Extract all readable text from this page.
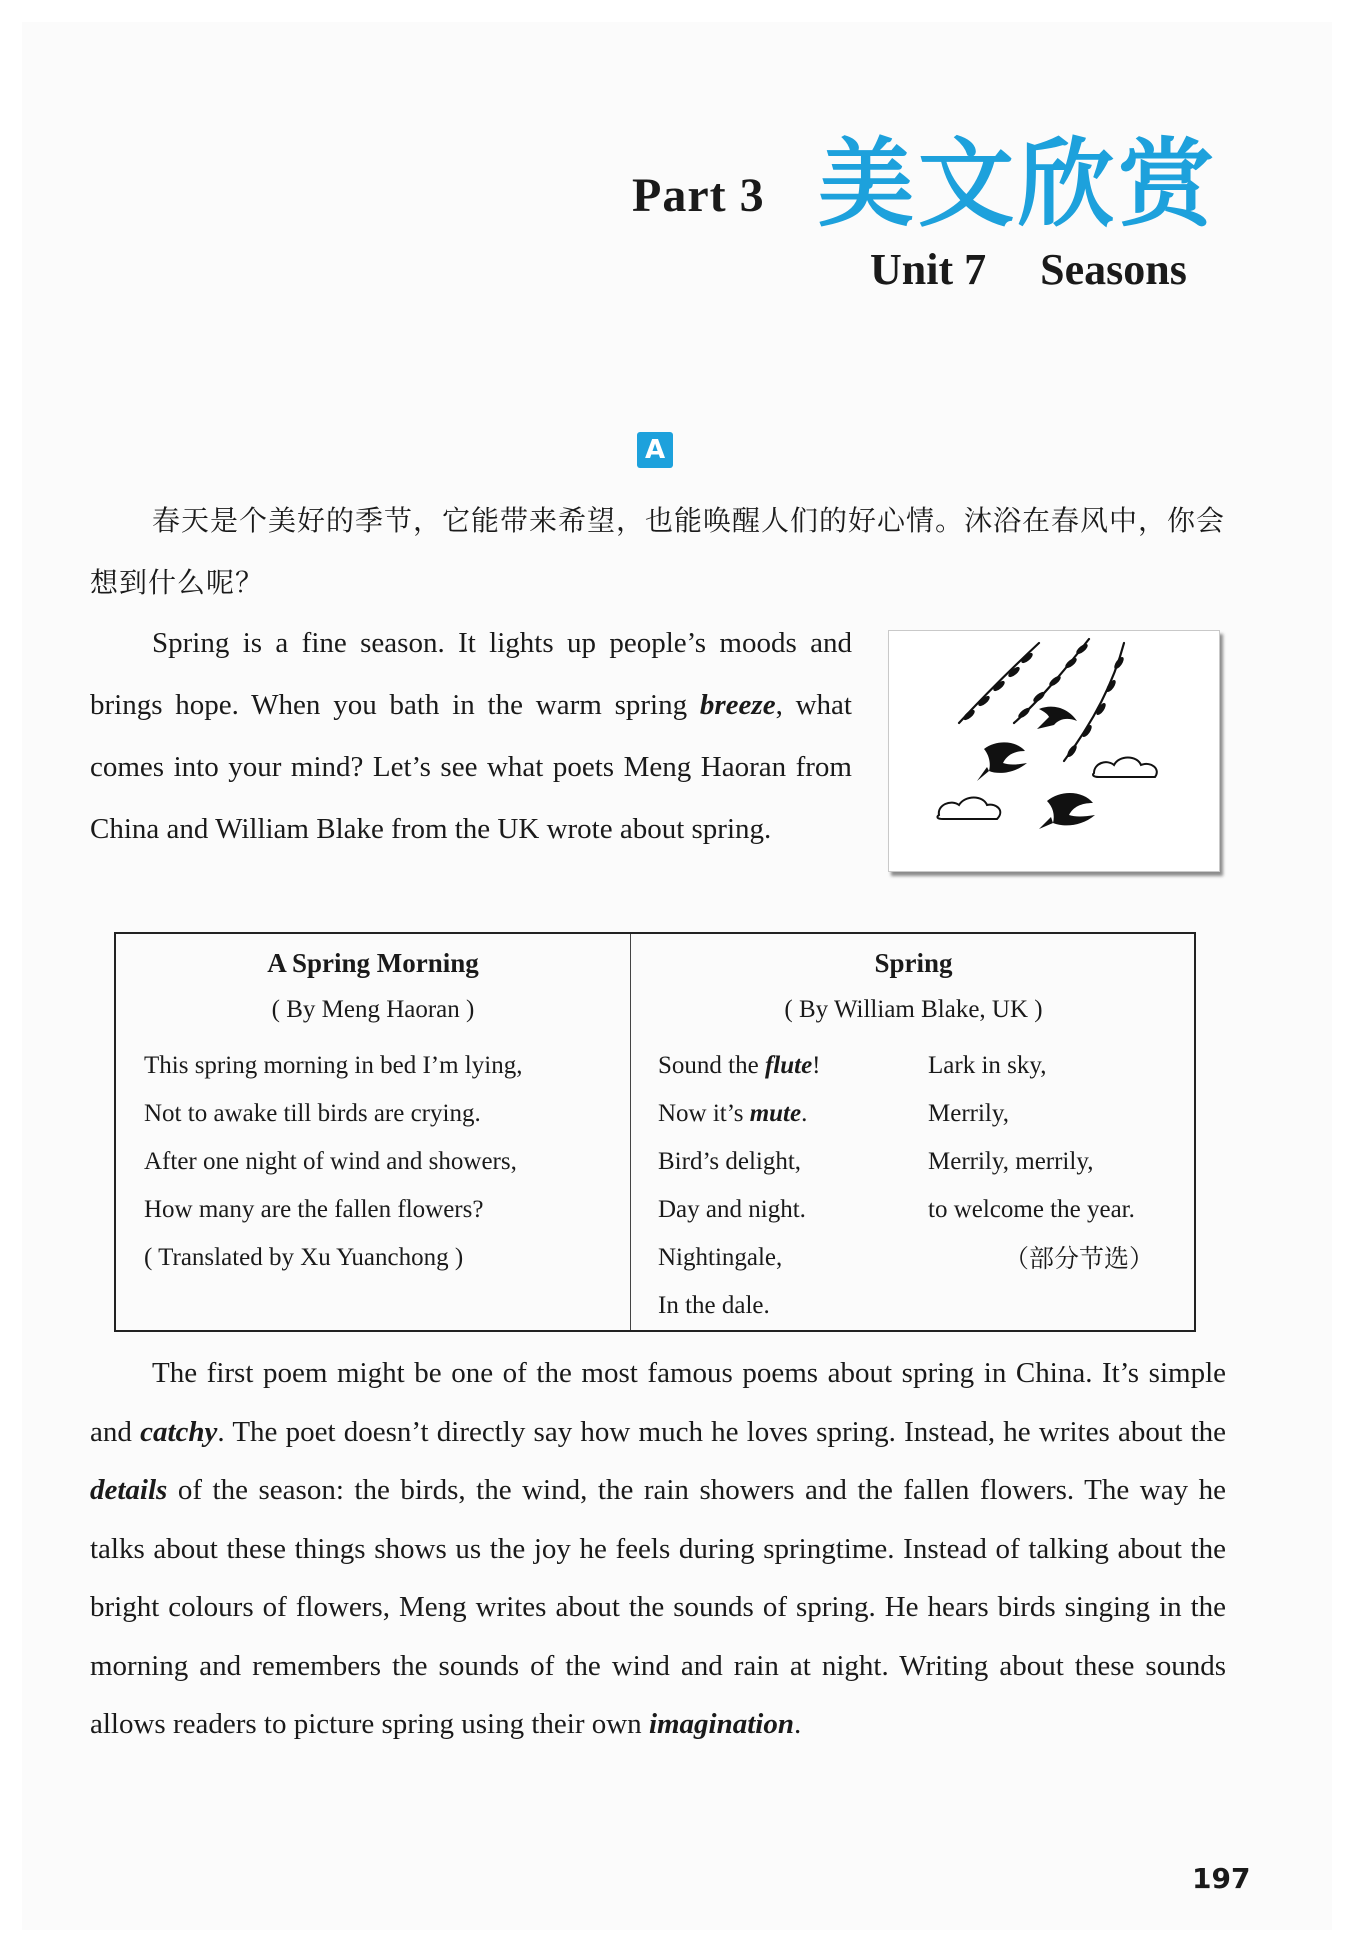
Part 3 美文欣赏
Unit 7 Seasons
A

春天是个美好的季节，它能带来希望，也能唤醒人们的好心情。沐浴在春风中，你会想到什么呢？

Spring is a fine season. It lights up people’s moods and brings hope. When you bath in the warm spring breeze, what comes into your mind? Let’s see what poets Meng Haoran from China and William Blake from the UK wrote about spring.

A Spring Morning
( By Meng Haoran )
This spring morning in bed I’m lying,
Not to awake till birds are crying.
After one night of wind and showers,
How many are the fallen flowers?
( Translated by Xu Yuanchong )
Spring
( By William Blake, UK )
Sound the flute!
Now it’s mute.
Bird’s delight,
Day and night.
Nightingale,
In the dale.
Lark in sky,
Merrily,
Merrily, merrily,
to welcome the year.
（部分节选）

The first poem might be one of the most famous poems about spring in China. It’s simple and catchy. The poet doesn’t directly say how much he loves spring. Instead, he writes about the details of the season: the birds, the wind, the rain showers and the fallen flowers. The way he talks about these things shows us the joy he feels during springtime. Instead of talking about the bright colours of flowers, Meng writes about the sounds of spring. He hears birds singing in the morning and remembers the sounds of the wind and rain at night. Writing about these sounds allows readers to picture spring using their own imagination.

197
